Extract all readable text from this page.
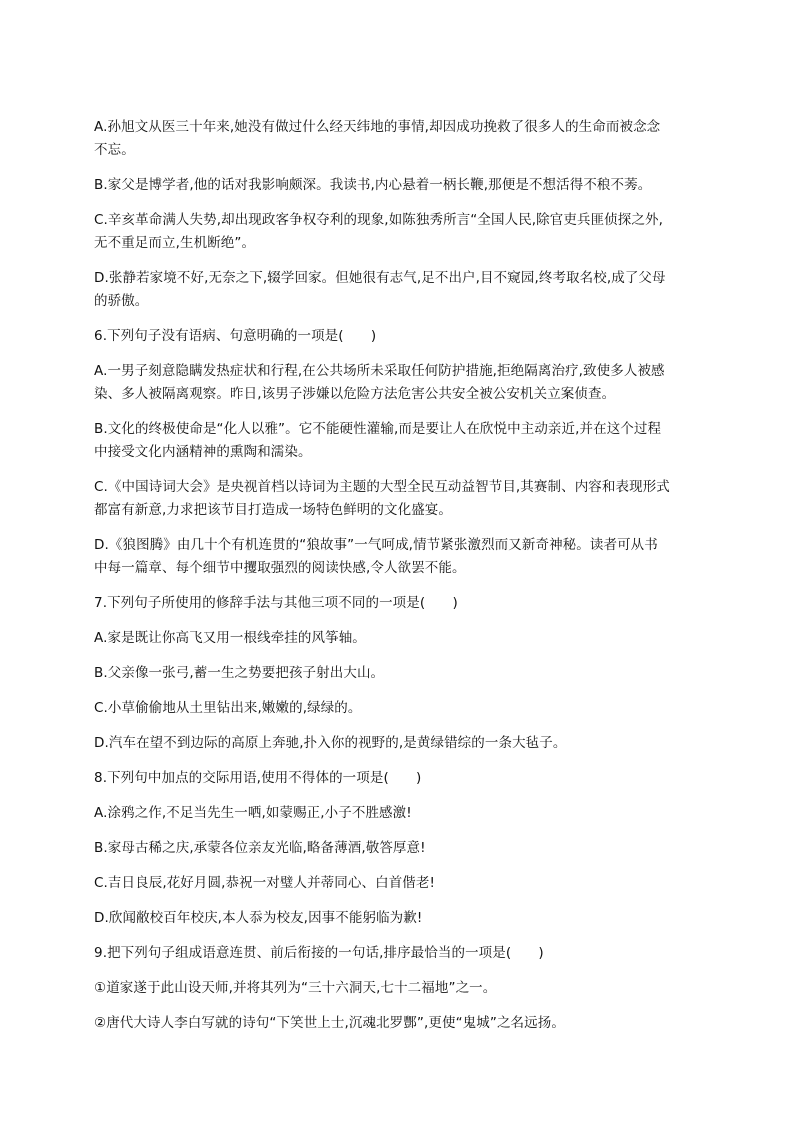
A.孙旭文从医三十年来,她没有做过什么经天纬地的事情,却因成功挽救了很多人的生命而被念念
不忘。
B.家父是博学者,他的话对我影响颇深。我读书,内心悬着一柄长鞭,那便是不想活得不稂不莠。
C.辛亥革命满人失势,却出现政客争权夺利的现象,如陈独秀所言“全国人民,除官吏兵匪侦探之外,
无不重足而立,生机断绝”。
D.张静若家境不好,无奈之下,辍学回家。但她很有志气,足不出户,目不窥园,终考取名校,成了父母
的骄傲。
6.下列句子没有语病、句意明确的一项是(　　)
A.一男子刻意隐瞒发热症状和行程,在公共场所未采取任何防护措施,拒绝隔离治疗,致使多人被感
染、多人被隔离观察。昨日,该男子涉嫌以危险方法危害公共安全被公安机关立案侦查。
B.文化的终极使命是“化人以雅”。它不能硬性灌输,而是要让人在欣悦中主动亲近,并在这个过程
中接受文化内涵精神的熏陶和濡染。
C.《中国诗词大会》是央视首档以诗词为主题的大型全民互动益智节目,其赛制、内容和表现形式
都富有新意,力求把该节目打造成一场特色鲜明的文化盛宴。
D.《狼图腾》由几十个有机连贯的“狼故事”一气呵成,情节紧张激烈而又新奇神秘。读者可从书
中每一篇章、每个细节中攫取强烈的阅读快感,令人欲罢不能。
7.下列句子所使用的修辞手法与其他三项不同的一项是(　　)
A.家是既让你高飞又用一根线牵挂的风筝轴。
B.父亲像一张弓,蓄一生之势要把孩子射出大山。
C.小草偷偷地从土里钻出来,嫩嫩的,绿绿的。
D.汽车在望不到边际的高原上奔驰,扑入你的视野的,是黄绿错综的一条大毡子。
8.下列句中加点的交际用语,使用不得体的一项是(　　)
A.涂鸦之作,不足当先生一哂,如蒙赐正,小子不胜感激!
B.家母古稀之庆,承蒙各位亲友光临,略备薄酒,敬答厚意!
C.吉日良辰,花好月圆,恭祝一对璧人并蒂同心、白首偕老!
D.欣闻敝校百年校庆,本人忝为校友,因事不能躬临为歉!
9.把下列句子组成语意连贯、前后衔接的一句话,排序最恰当的一项是(　　)
①道家遂于此山设天师,并将其列为“三十六洞天,七十二福地”之一。
②唐代大诗人李白写就的诗句“下笑世上士,沉魂北罗酆”,更使“鬼城”之名远扬。
